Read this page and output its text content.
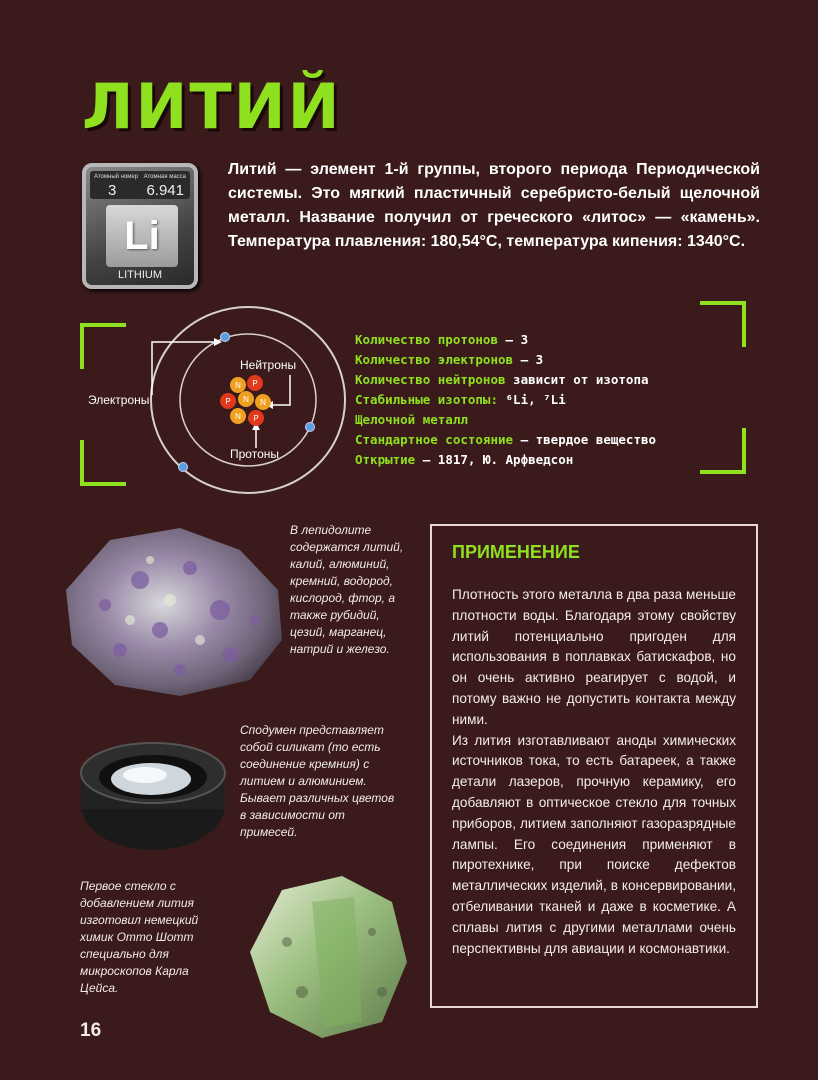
ЛИТИЙ
Атомный номер Атомная масса
3 6.941
Li
LITHIUM

Литий — элемент 1-й группы, второго периода Периодической системы. Это мягкий пластичный серебристо-белый щелочной металл. Название получил от греческого «литос» — «камень». Температура плавления: 180,54°C, температура кипения: 1340°C.

N P
P N N
N P
Электроны
Нейтроны
Протоны
Количество протонов — 3
Количество электронов — 3
Количество нейтронов зависит от изотопа
Стабильные изотопы: ⁶Li, ⁷Li
Щелочной металл
Стандартное состояние — твердое вещество
Открытие — 1817, Ю. Арфведсон
В лепидолите содержатся литий, калий, алюминий, кремний, водород, кислород, фтор, а также рубидий, цезий, марганец, натрий и железо.
Сподумен представляет собой силикат (то есть соединение кремния) с литием и алюминием. Бывает различных цветов в зависимости от примесей.
Первое стекло с добавлением лития изготовил немецкий химик Отто Шотт специально для микроскопов Карла Цейса.
ПРИМЕНЕНИЕ

Плотность этого металла в два раза меньше плотности воды. Благодаря этому свойству литий потенциально пригоден для использования в поплавках батискафов, но он очень активно реагирует с водой, и потому важно не допустить контакта между ними.

Из лития изготавливают аноды химических источников тока, то есть батареек, а также детали лазеров, прочную керамику, его добавляют в оптическое стекло для точных приборов, литием заполняют газоразрядные лампы. Его соединения применяют в пиротехнике, при поиске дефектов металлических изделий, в консервировании, отбеливании тканей и даже в косметике. А сплавы лития с другими металлами очень перспективны для авиации и космонавтики.

16
